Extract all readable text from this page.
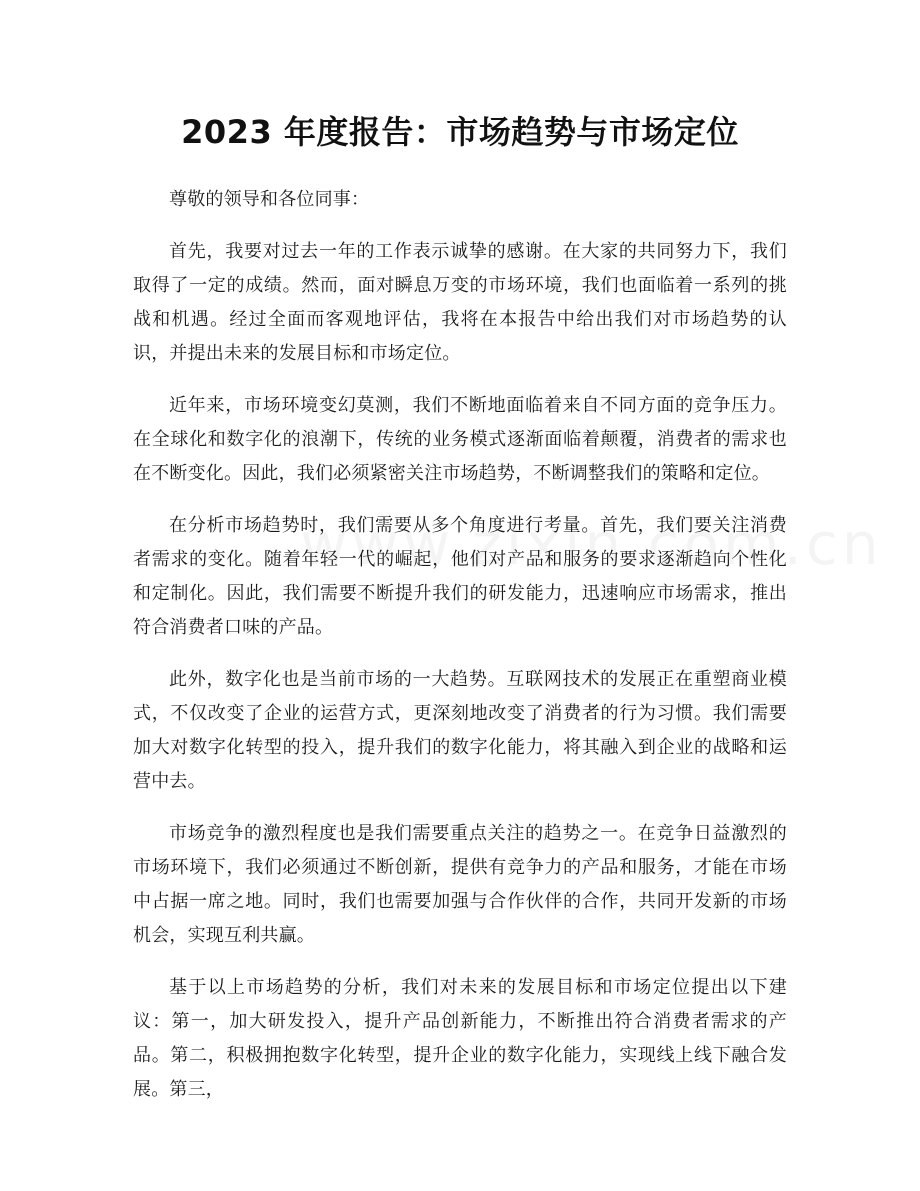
2023 年度报告：市场趋势与市场定位

尊敬的领导和各位同事：

首先，我要对过去一年的工作表示诚挚的感谢。在大家的共同努力下，我们取得了一定的成绩。然而，面对瞬息万变的市场环境，我们也面临着一系列的挑战和机遇。经过全面而客观地评估，我将在本报告中给出我们对市场趋势的认识，并提出未来的发展目标和市场定位。

近年来，市场环境变幻莫测，我们不断地面临着来自不同方面的竞争压力。在全球化和数字化的浪潮下，传统的业务模式逐渐面临着颠覆，消费者的需求也在不断变化。因此，我们必须紧密关注市场趋势，不断调整我们的策略和定位。

在分析市场趋势时，我们需要从多个角度进行考量。首先，我们要关注消费者需求的变化。随着年轻一代的崛起，他们对产品和服务的要求逐渐趋向个性化和定制化。因此，我们需要不断提升我们的研发能力，迅速响应市场需求，推出符合消费者口味的产品。

此外，数字化也是当前市场的一大趋势。互联网技术的发展正在重塑商业模式，不仅改变了企业的运营方式，更深刻地改变了消费者的行为习惯。我们需要加大对数字化转型的投入，提升我们的数字化能力，将其融入到企业的战略和运营中去。

市场竞争的激烈程度也是我们需要重点关注的趋势之一。在竞争日益激烈的市场环境下，我们必须通过不断创新，提供有竞争力的产品和服务，才能在市场中占据一席之地。同时，我们也需要加强与合作伙伴的合作，共同开发新的市场机会，实现互利共赢。

基于以上市场趋势的分析，我们对未来的发展目标和市场定位提出以下建议：第一，加大研发投入，提升产品创新能力，不断推出符合消费者需求的产品。第二，积极拥抱数字化转型，提升企业的数字化能力，实现线上线下融合发展。第三，
